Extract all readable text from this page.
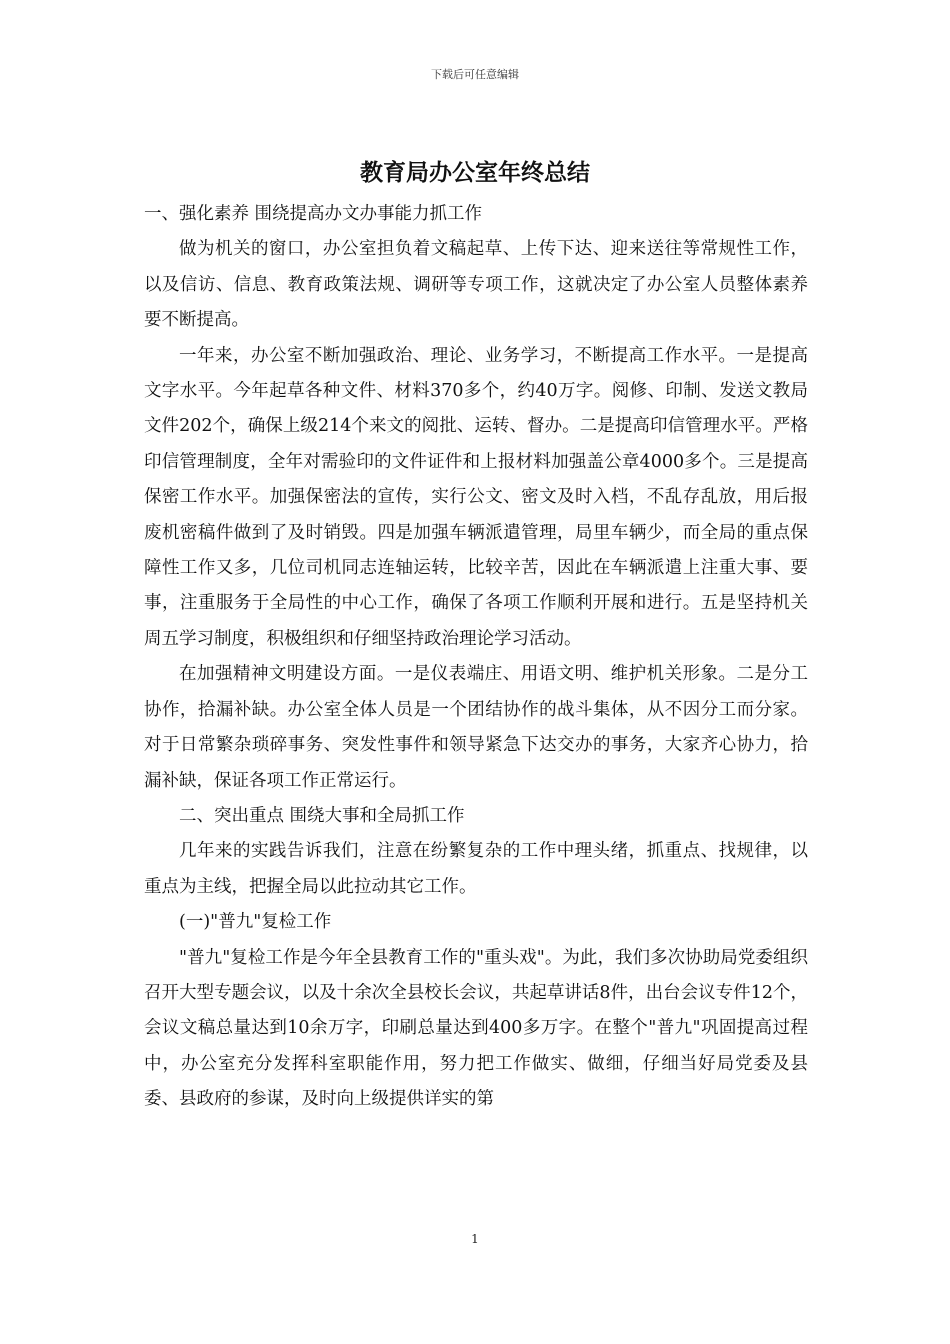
下载后可任意编辑
教育局办公室年终总结

一、强化素养 围绕提高办文办事能力抓工作

做为机关的窗口，办公室担负着文稿起草、上传下达、迎来送往等常规性工作，以及信访、信息、教育政策法规、调研等专项工作，这就决定了办公室人员整体素养要不断提高。

一年来，办公室不断加强政治、理论、业务学习，不断提高工作水平。一是提高文字水平。今年起草各种文件、材料370多个，约40万字。阅修、印制、发送文教局文件202个，确保上级214个来文的阅批、运转、督办。二是提高印信管理水平。严格印信管理制度，全年对需验印的文件证件和上报材料加强盖公章4000多个。三是提高保密工作水平。加强保密法的宣传，实行公文、密文及时入档，不乱存乱放，用后报废机密稿件做到了及时销毁。四是加强车辆派遣管理，局里车辆少，而全局的重点保障性工作又多，几位司机同志连轴运转，比较辛苦，因此在车辆派遣上注重大事、要事，注重服务于全局性的中心工作，确保了各项工作顺利开展和进行。五是坚持机关周五学习制度，积极组织和仔细坚持政治理论学习活动。

在加强精神文明建设方面。一是仪表端庄、用语文明、维护机关形象。二是分工协作，拾漏补缺。办公室全体人员是一个团结协作的战斗集体，从不因分工而分家。对于日常繁杂琐碎事务、突发性事件和领导紧急下达交办的事务，大家齐心协力，拾漏补缺，保证各项工作正常运行。

二、突出重点 围绕大事和全局抓工作

几年来的实践告诉我们，注意在纷繁复杂的工作中理头绪，抓重点、找规律，以重点为主线，把握全局以此拉动其它工作。

(一)"普九"复检工作

"普九"复检工作是今年全县教育工作的"重头戏"。为此，我们多次协助局党委组织召开大型专题会议，以及十余次全县校长会议，共起草讲话8件，出台会议专件12个，会议文稿总量达到10余万字，印刷总量达到400多万字。在整个"普九"巩固提高过程中，办公室充分发挥科室职能作用，努力把工作做实、做细，仔细当好局党委及县委、县政府的参谋，及时向上级提供详实的第

1
